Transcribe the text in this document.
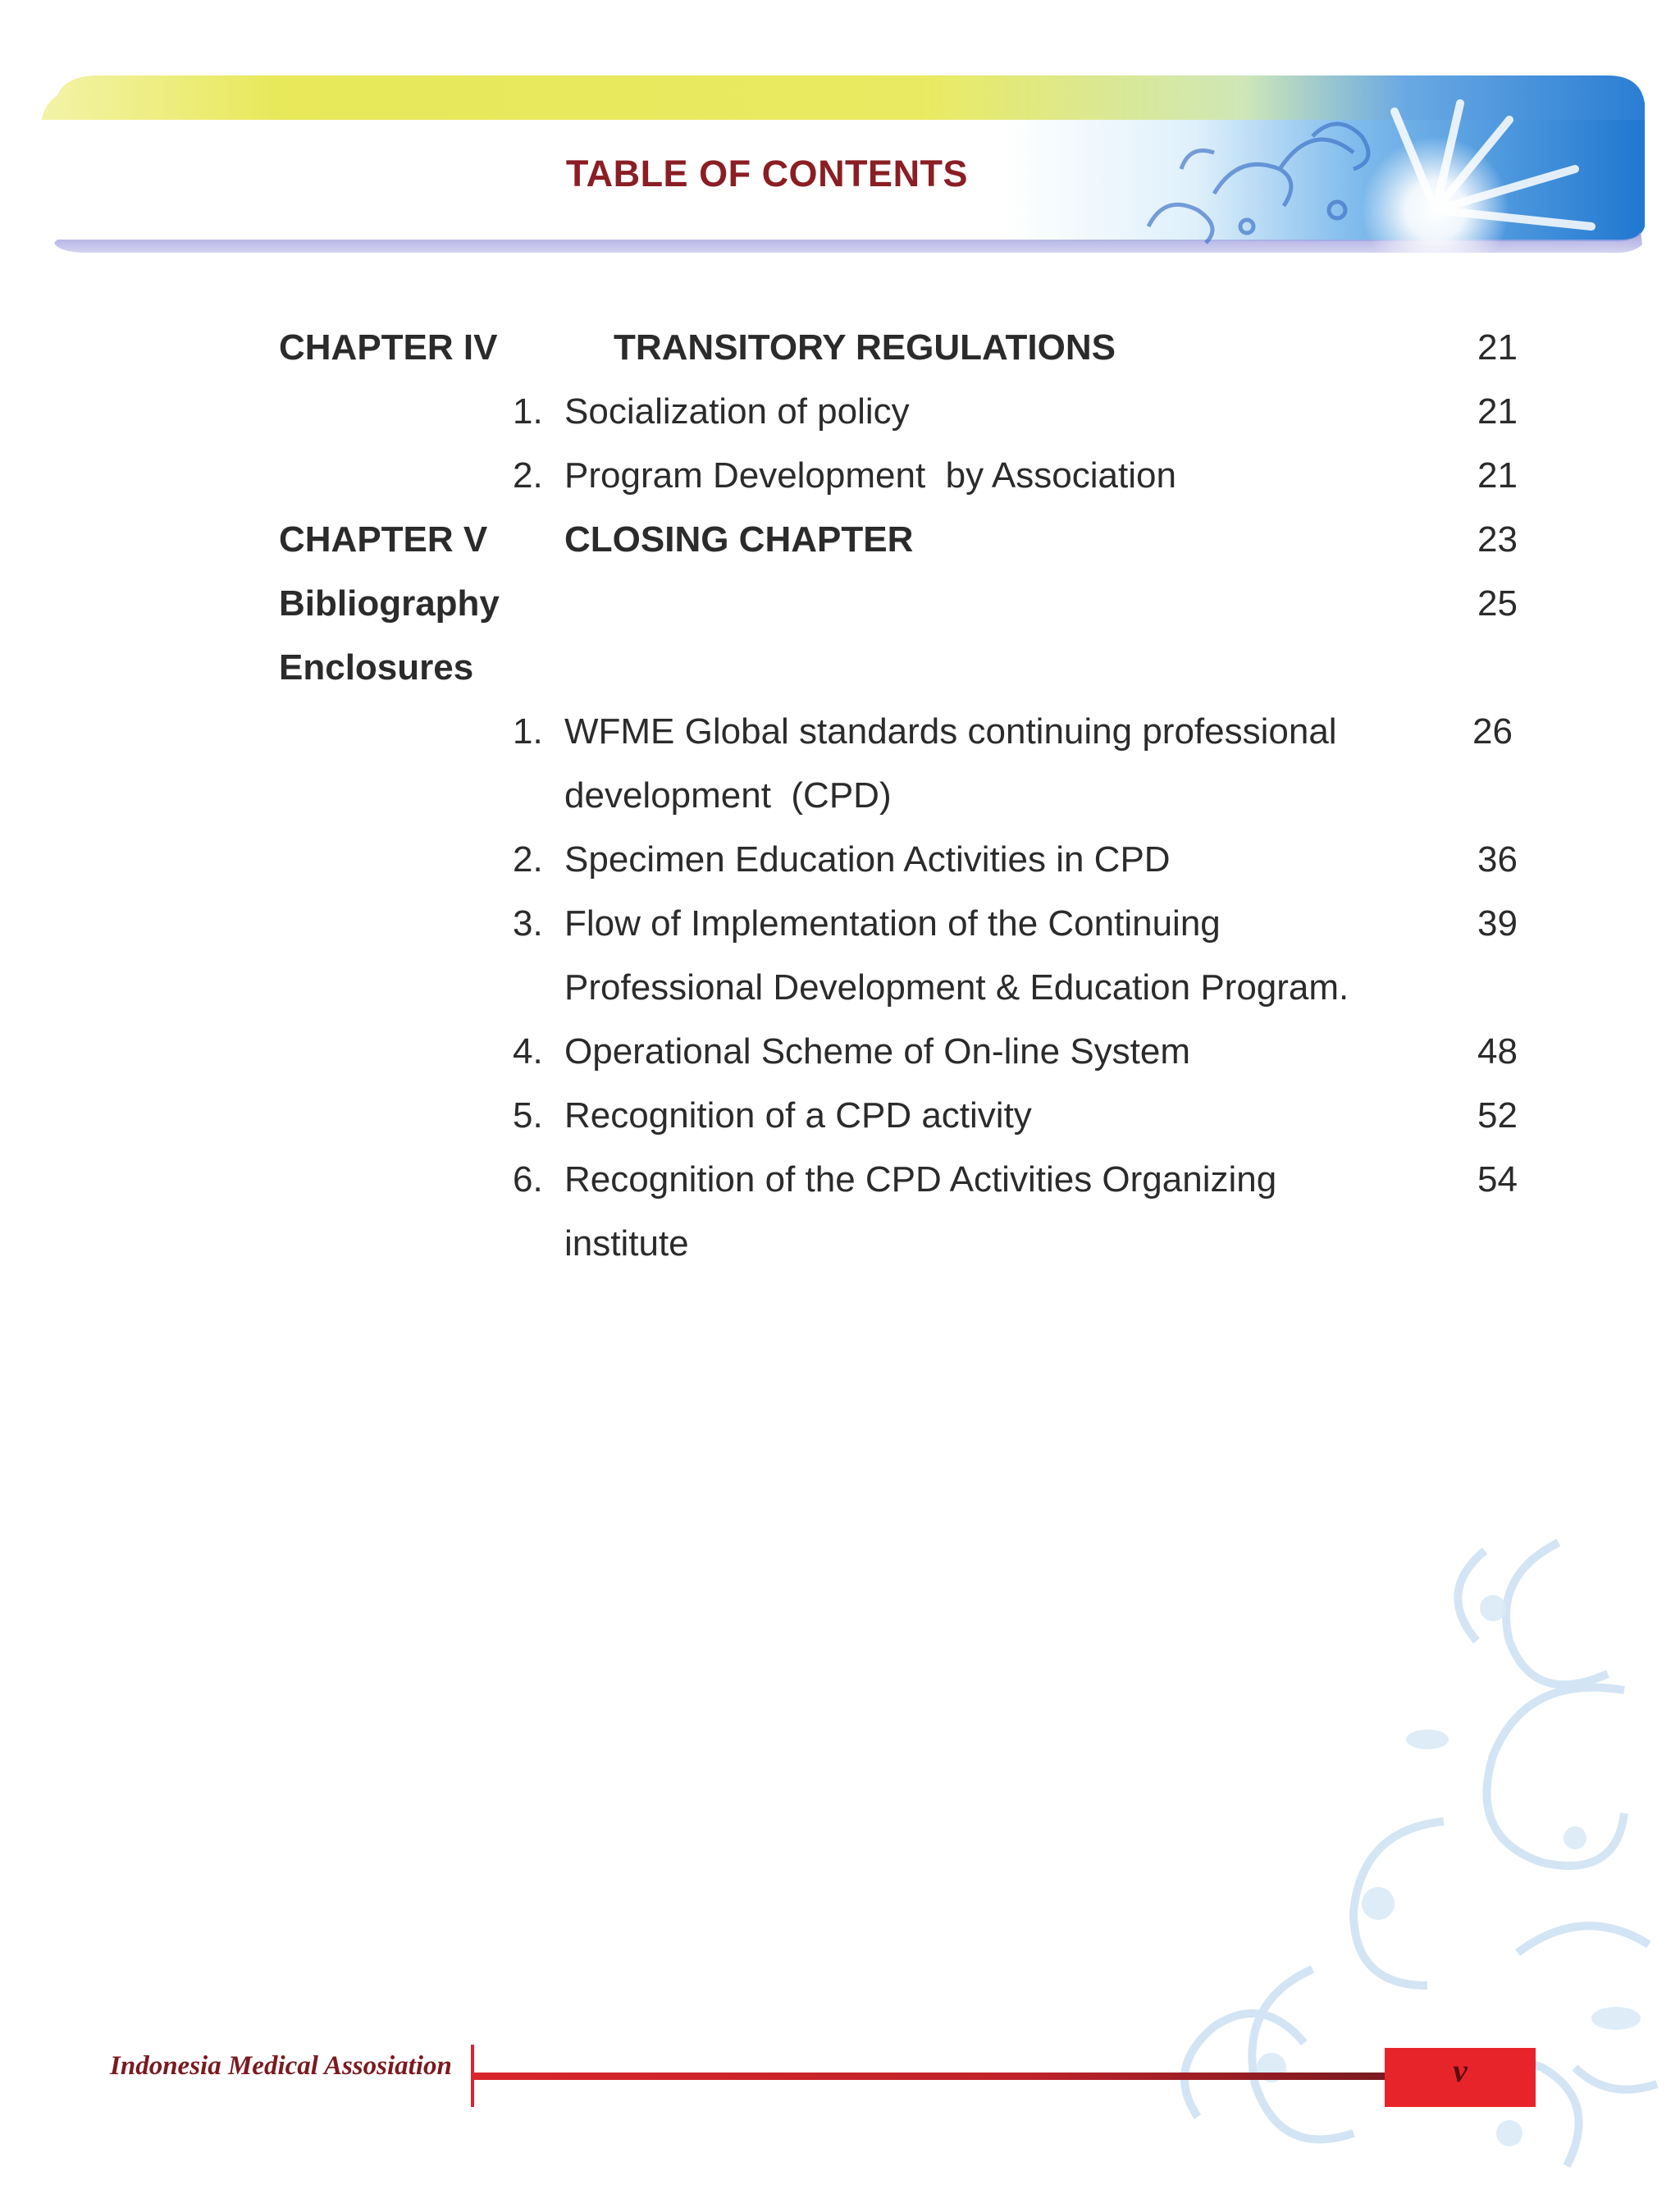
TABLE OF CONTENTS
CHAPTER IV	TRANSITORY REGULATIONS	21
1. Socialization of policy	21
2. Program Development  by Association	21
CHAPTER V CLOSING CHAPTER	23
Bibliography	25
Enclosures
1. WFME Global standards continuing professional	26
development  (CPD)
2. Specimen Education Activities in CPD	36
3. Flow of Implementation of the Continuing	39
Professional Development & Education Program.
4. Operational Scheme of On-line System	48
5. Recognition of a CPD activity	52
6. Recognition of the CPD Activities Organizing	54
institute
Indonesia Medical Assosiation	v
